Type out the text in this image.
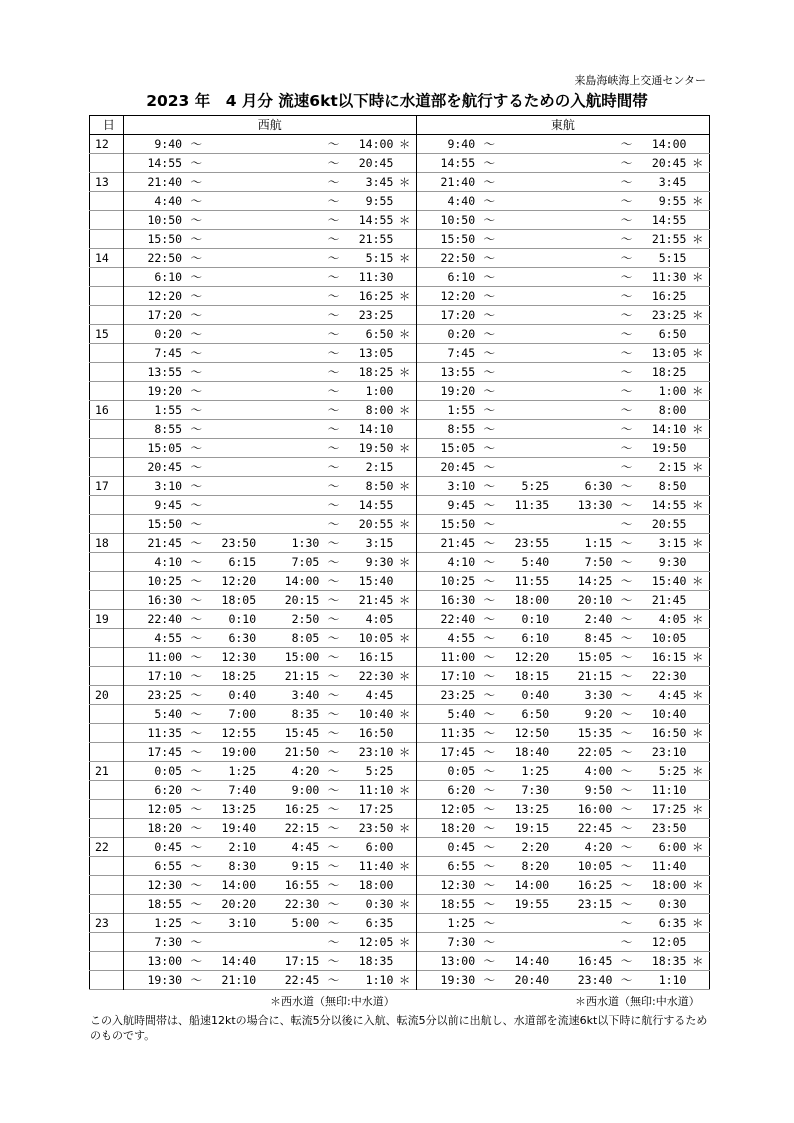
来島海峡海上交通センター
2023 年　4 月分 流速6kt以下時に水道部を航行するための入航時間帯
日	西航							東航						
12	9:40	～			～	14:00	＊	9:40	～			～	14:00	
	14:55	～			～	20:45		14:55	～			～	20:45	＊
13	21:40	～			～	3:45	＊	21:40	～			～	3:45	
	4:40	～			～	9:55		4:40	～			～	9:55	＊
	10:50	～			～	14:55	＊	10:50	～			～	14:55	
	15:50	～			～	21:55		15:50	～			～	21:55	＊
14	22:50	～			～	5:15	＊	22:50	～			～	5:15	
	6:10	～			～	11:30		6:10	～			～	11:30	＊
	12:20	～			～	16:25	＊	12:20	～			～	16:25	
	17:20	～			～	23:25		17:20	～			～	23:25	＊
15	0:20	～			～	6:50	＊	0:20	～			～	6:50	
	7:45	～			～	13:05		7:45	～			～	13:05	＊
	13:55	～			～	18:25	＊	13:55	～			～	18:25	
	19:20	～			～	1:00		19:20	～			～	1:00	＊
16	1:55	～			～	8:00	＊	1:55	～			～	8:00	
	8:55	～			～	14:10		8:55	～			～	14:10	＊
	15:05	～			～	19:50	＊	15:05	～			～	19:50	
	20:45	～			～	2:15		20:45	～			～	2:15	＊
17	3:10	～			～	8:50	＊	3:10	～	5:25	6:30	～	8:50	
	9:45	～			～	14:55		9:45	～	11:35	13:30	～	14:55	＊
	15:50	～			～	20:55	＊	15:50	～			～	20:55	
18	21:45	～	23:50	1:30	～	3:15		21:45	～	23:55	1:15	～	3:15	＊
	4:10	～	6:15	7:05	～	9:30	＊	4:10	～	5:40	7:50	～	9:30	
	10:25	～	12:20	14:00	～	15:40		10:25	～	11:55	14:25	～	15:40	＊
	16:30	～	18:05	20:15	～	21:45	＊	16:30	～	18:00	20:10	～	21:45	
19	22:40	～	0:10	2:50	～	4:05		22:40	～	0:10	2:40	～	4:05	＊
	4:55	～	6:30	8:05	～	10:05	＊	4:55	～	6:10	8:45	～	10:05	
	11:00	～	12:30	15:00	～	16:15		11:00	～	12:20	15:05	～	16:15	＊
	17:10	～	18:25	21:15	～	22:30	＊	17:10	～	18:15	21:15	～	22:30	
20	23:25	～	0:40	3:40	～	4:45		23:25	～	0:40	3:30	～	4:45	＊
	5:40	～	7:00	8:35	～	10:40	＊	5:40	～	6:50	9:20	～	10:40	
	11:35	～	12:55	15:45	～	16:50		11:35	～	12:50	15:35	～	16:50	＊
	17:45	～	19:00	21:50	～	23:10	＊	17:45	～	18:40	22:05	～	23:10	
21	0:05	～	1:25	4:20	～	5:25		0:05	～	1:25	4:00	～	5:25	＊
	6:20	～	7:40	9:00	～	11:10	＊	6:20	～	7:30	9:50	～	11:10	
	12:05	～	13:25	16:25	～	17:25		12:05	～	13:25	16:00	～	17:25	＊
	18:20	～	19:40	22:15	～	23:50	＊	18:20	～	19:15	22:45	～	23:50	
22	0:45	～	2:10	4:45	～	6:00		0:45	～	2:20	4:20	～	6:00	＊
	6:55	～	8:30	9:15	～	11:40	＊	6:55	～	8:20	10:05	～	11:40	
	12:30	～	14:00	16:55	～	18:00		12:30	～	14:00	16:25	～	18:00	＊
	18:55	～	20:20	22:30	～	0:30	＊	18:55	～	19:55	23:15	～	0:30	
23	1:25	～	3:10	5:00	～	6:35		1:25	～			～	6:35	＊
	7:30	～			～	12:05	＊	7:30	～			～	12:05	
	13:00	～	14:40	17:15	～	18:35		13:00	～	14:40	16:45	～	18:35	＊
	19:30	～	21:10	22:45	～	1:10	＊	19:30	～	20:40	23:40	～	1:10	
＊西水道（無印:中水道）	＊西水道（無印:中水道）
この入航時間帯は、船速12ktの場合に、転流5分以後に入航、転流5分以前に出航し、水道部を流速6kt以下時に航行するためのものです。
